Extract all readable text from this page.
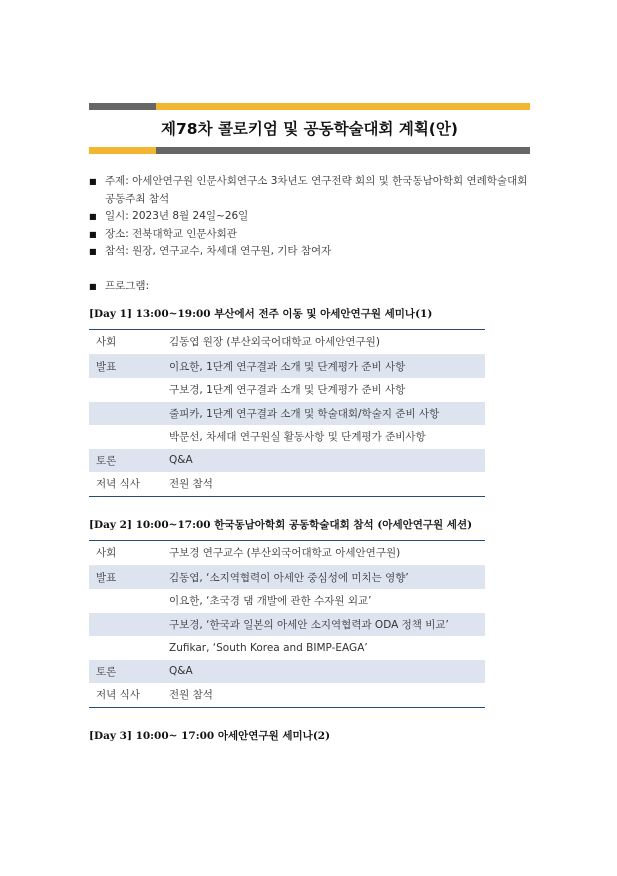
제78차 콜로키엄 및 공동학술대회 계획(안)
■ 주제: 아세안연구원 인문사회연구소 3차년도 연구전략 회의 및 한국동남아학회 연례학술대회 공동주최 참석
■ 일시: 2023년 8월 24일~26일
■ 장소: 전북대학교 인문사회관
■ 참석: 원장, 연구교수, 차세대 연구원, 기타 참여자
■ 프로그램:
[Day 1] 13:00~19:00 부산에서 전주 이동 및 아세안연구원 세미나(1)
사회	김동엽 원장 (부산외국어대학교 아세안연구원)
발표	이요한, 1단계 연구결과 소개 및 단계평가 준비 사항
	구보경, 1단계 연구결과 소개 및 단계평가 준비 사항
	줄피카, 1단계 연구결과 소개 및 학술대회/학술지 준비 사항
	박문선, 차세대 연구원실 활동사항 및 단계평가 준비사항
토론	Q&A
저녁 식사	전원 참석
[Day 2] 10:00~17:00 한국동남아학회 공동학술대회 참석 (아세안연구원 세션)
사회	구보경 연구교수 (부산외국어대학교 아세안연구원)
발표	김동엽, ‘소지역협력이 아세안 중심성에 미치는 영향’
	이요한, ‘초국경 댐 개발에 관한 수자원 외교’
	구보경, ‘한국과 일본의 아세안 소지역협력과 ODA 정책 비교’
	Zufikar, ‘South Korea and BIMP-EAGA’
토론	Q&A
저녁 식사	전원 참석
[Day 3] 10:00~ 17:00 아세안연구원 세미나(2)
